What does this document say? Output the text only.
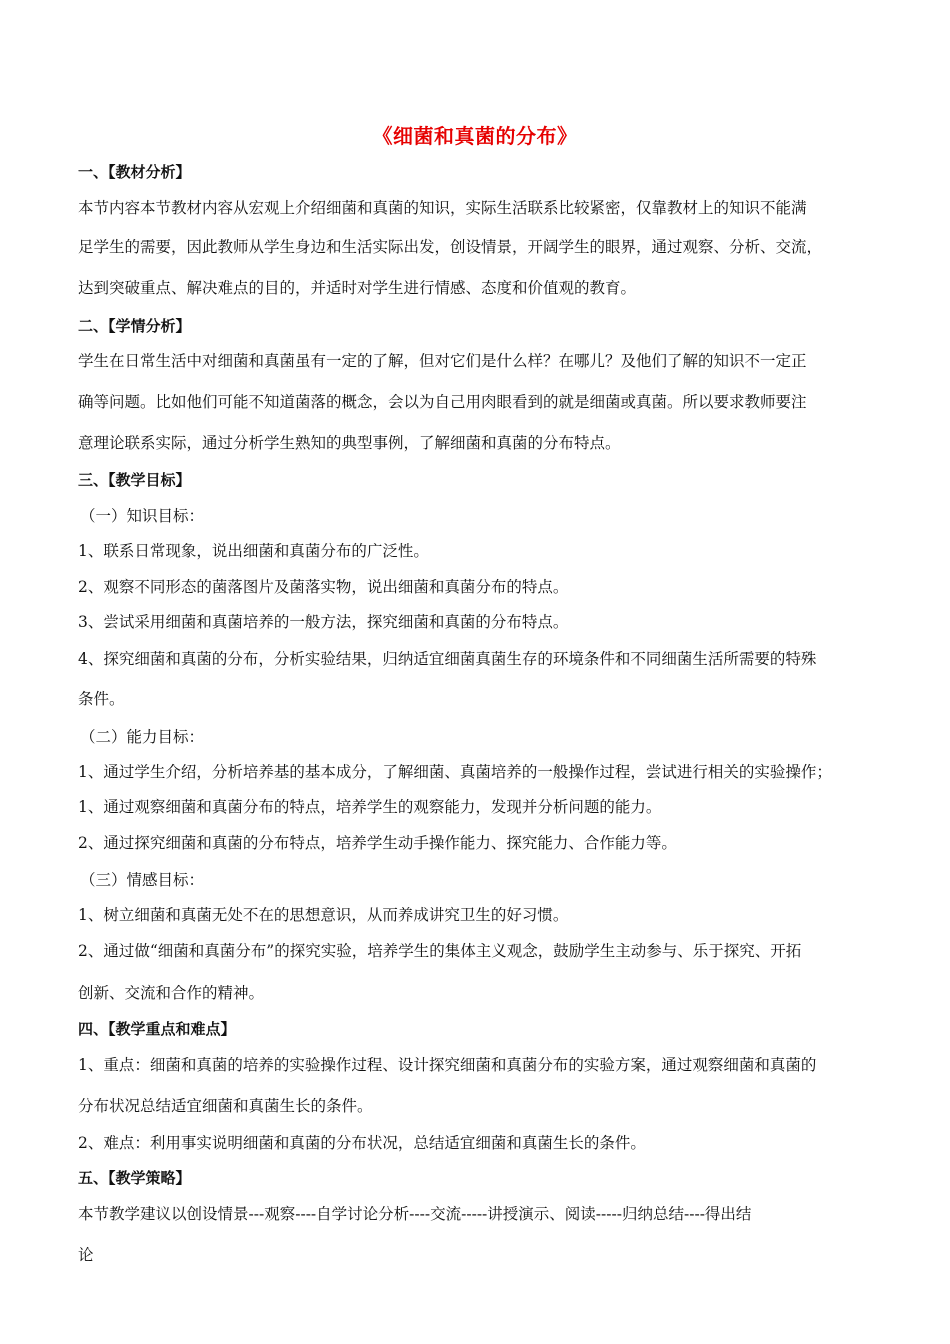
《细菌和真菌的分布》
一、【教材分析】
本节内容本节教材内容从宏观上介绍细菌和真菌的知识，实际生活联系比较紧密，仅靠教材上的知识不能满
足学生的需要，因此教师从学生身边和生活实际出发，创设情景，开阔学生的眼界，通过观察、分析、交流，
达到突破重点、解决难点的目的，并适时对学生进行情感、态度和价值观的教育。
二、【学情分析】
学生在日常生活中对细菌和真菌虽有一定的了解，但对它们是什么样？在哪儿？及他们了解的知识不一定正
确等问题。比如他们可能不知道菌落的概念，会以为自己用肉眼看到的就是细菌或真菌。所以要求教师要注
意理论联系实际，通过分析学生熟知的典型事例，了解细菌和真菌的分布特点。
三、【教学目标】
（一）知识目标：
1、联系日常现象，说出细菌和真菌分布的广泛性。
2、观察不同形态的菌落图片及菌落实物，说出细菌和真菌分布的特点。
3、尝试采用细菌和真菌培养的一般方法，探究细菌和真菌的分布特点。
4、探究细菌和真菌的分布，分析实验结果，归纳适宜细菌真菌生存的环境条件和不同细菌生活所需要的特殊
条件。
（二）能力目标：
1、通过学生介绍，分析培养基的基本成分，了解细菌、真菌培养的一般操作过程，尝试进行相关的实验操作；
1、通过观察细菌和真菌分布的特点，培养学生的观察能力，发现并分析问题的能力。
2、通过探究细菌和真菌的分布特点，培养学生动手操作能力、探究能力、合作能力等。
（三）情感目标：
1、树立细菌和真菌无处不在的思想意识，从而养成讲究卫生的好习惯。
2、通过做“细菌和真菌分布”的探究实验，培养学生的集体主义观念，鼓励学生主动参与、乐于探究、开拓
创新、交流和合作的精神。
四、【教学重点和难点】
1、重点：细菌和真菌的培养的实验操作过程、设计探究细菌和真菌分布的实验方案，通过观察细菌和真菌的
分布状况总结适宜细菌和真菌生长的条件。
2、难点：利用事实说明细菌和真菌的分布状况，总结适宜细菌和真菌生长的条件。
五、【教学策略】
本节教学建议以创设情景---观察----自学讨论分析----交流-----讲授演示、阅读-----归纳总结----得出结
论
